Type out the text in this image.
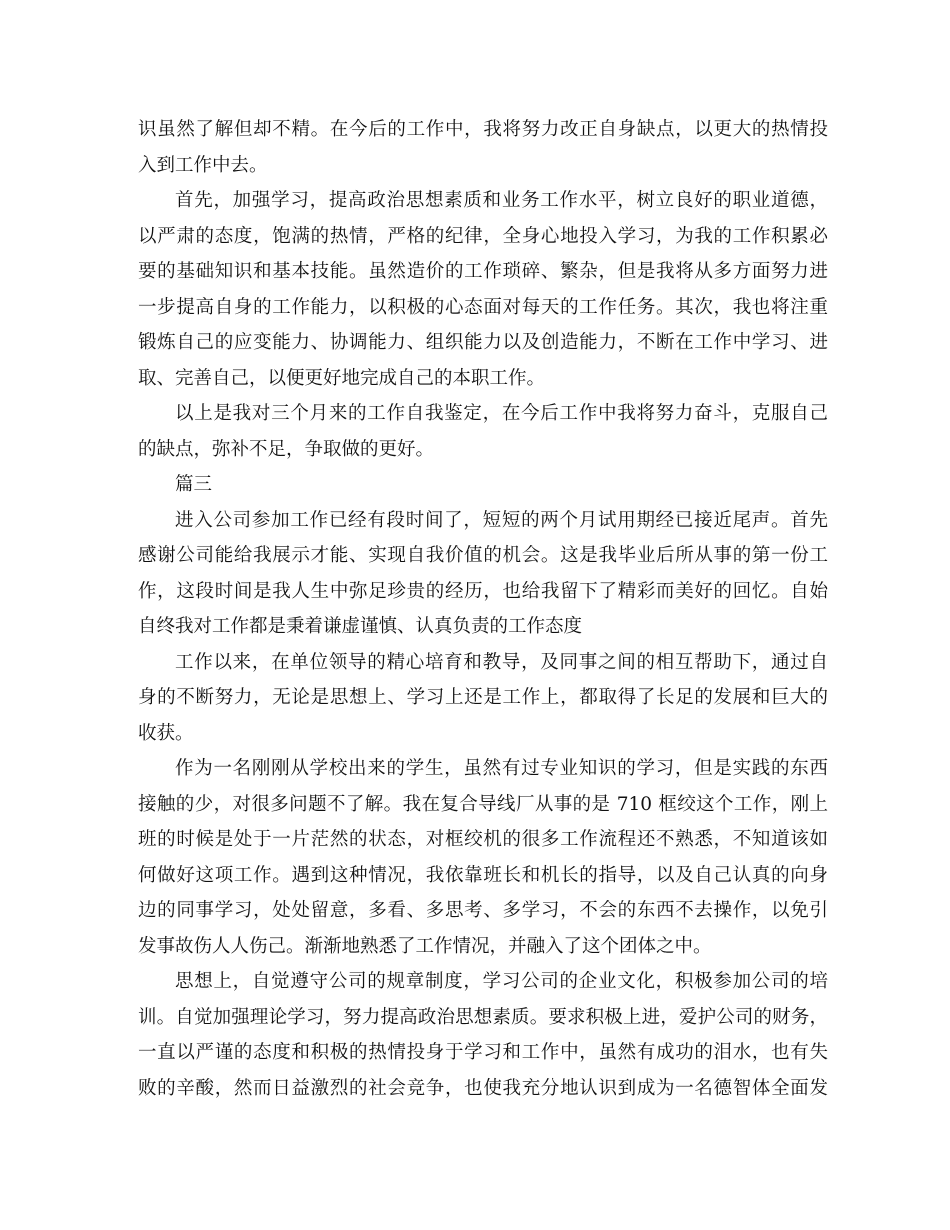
识虽然了解但却不精。在今后的工作中，我将努力改正自身缺点，以更大的热情投
入到工作中去。
首先，加强学习，提高政治思想素质和业务工作水平，树立良好的职业道德，
以严肃的态度，饱满的热情，严格的纪律，全身心地投入学习，为我的工作积累必
要的基础知识和基本技能。虽然造价的工作琐碎、繁杂，但是我将从多方面努力进
一步提高自身的工作能力，以积极的心态面对每天的工作任务。其次，我也将注重
锻炼自己的应变能力、协调能力、组织能力以及创造能力，不断在工作中学习、进
取、完善自己，以便更好地完成自己的本职工作。
以上是我对三个月来的工作自我鉴定，在今后工作中我将努力奋斗，克服自己
的缺点，弥补不足，争取做的更好。
篇三
进入公司参加工作已经有段时间了，短短的两个月试用期经已接近尾声。首先
感谢公司能给我展示才能、实现自我价值的机会。这是我毕业后所从事的第一份工
作，这段时间是我人生中弥足珍贵的经历，也给我留下了精彩而美好的回忆。自始
自终我对工作都是秉着谦虚谨慎、认真负责的工作态度
工作以来，在单位领导的精心培育和教导，及同事之间的相互帮助下，通过自
身的不断努力，无论是思想上、学习上还是工作上，都取得了长足的发展和巨大的
收获。
作为一名刚刚从学校出来的学生，虽然有过专业知识的学习，但是实践的东西
接触的少，对很多问题不了解。我在复合导线厂从事的是 710 框绞这个工作，刚上
班的时候是处于一片茫然的状态，对框绞机的很多工作流程还不熟悉，不知道该如
何做好这项工作。遇到这种情况，我依靠班长和机长的指导，以及自己认真的向身
边的同事学习，处处留意，多看、多思考、多学习，不会的东西不去操作，以免引
发事故伤人人伤己。渐渐地熟悉了工作情况，并融入了这个团体之中。
思想上，自觉遵守公司的规章制度，学习公司的企业文化，积极参加公司的培
训。自觉加强理论学习，努力提高政治思想素质。要求积极上进，爱护公司的财务，
一直以严谨的态度和积极的热情投身于学习和工作中，虽然有成功的泪水，也有失
败的辛酸，然而日益激烈的社会竞争，也使我充分地认识到成为一名德智体全面发
